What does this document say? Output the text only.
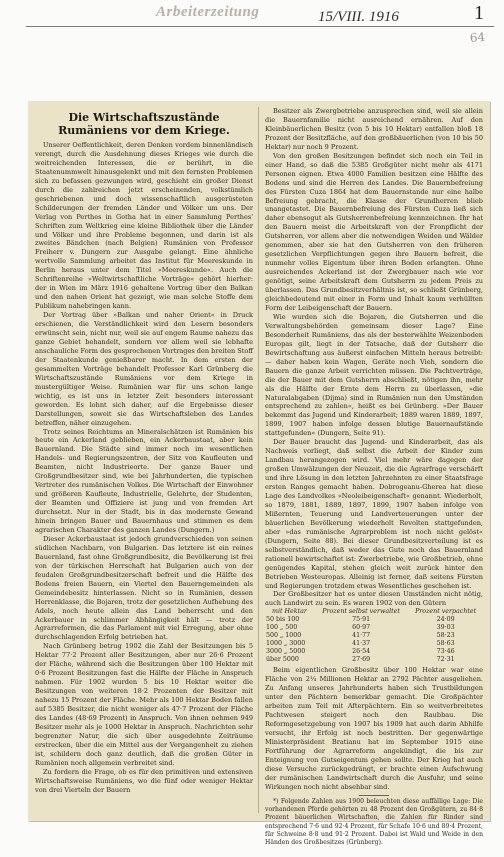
Arbeiterzeitung	15/VIII. 1916	1
64
Die Wirtschaftszustände Rumäniens vor dem Kriege.

Unserer Oeffentlichkeit, deren Denken vordem binnenländisch verengt, durch die Ausdehnung dieses Krieges wie durch die weitreichenden Interessen, die er berührt, in die Staatenummwelt hinausgelenkt und mit den fernsten Problemen sich zu befassen gezwungen wird, geschieht ein großer Dienst durch die zahlreichen jetzt erscheinenden, volkstümlich geschriebenen und doch wissenschaftlich ausgerüsteten Schilderungen der fremden Länder und Völker um uns. Der Verlag von Perthes in Gotha hat in einer Sammlung Perthes' Schriften zum Weltkrieg eine kleine Bibliothek über die Länder und Völker und ihre Probleme begonnen, und darin ist als zweites Bändchen (nach Belgien) Rumänien von Professor Freiherr v. Dungern zur Ausgabe gelangt. Eine ähnliche wertvolle Sammlung arbeitet das Institut für Meereskunde in Berlin heraus unter dem Titel »Meereskunde«. Auch die Schriftenreihe »Weltwirtschaftliche Vorträge« gehört hierher: der in Wien im März 1916 gehaltene Vortrag über den Balkan und den nahen Orient hat gezeigt, wie man solche Stoffe dem Publikum nahebringen kann.

Der Vortrag über »Balkan und naher Orient« in Druck erschienen, die Verständlichkeit wird den Lesern besonders erwünscht sein, nicht nur, weil sie auf engem Raume nahezu das ganze Gebiet behandelt, sondern vor allem weil sie lebhafte anschauliche Form des gesprochenen Vortrages den breiten Stoff der Staatenkunde genießbarer macht. In dem ersten der gesammelten Vorträge behandelt Professor Karl Grünberg die Wirtschaftszustände Rumäniens vor dem Kriege in mustergültiger Weise. Rumänien war für uns schon lange wichtig, es ist uns in letzter Zeit besonders interessant geworden. Es lohnt sich daher, auf die Ergebnisse dieser Darstellungen, soweit sie das Wirtschaftsleben des Landes betreffen, näher einzugehen.

Trotz seines Reichtums an Mineralschätzen ist Rumänien bis heute ein Ackerland geblieben, ein Ackerbaustaat, aber kein Bauernland. Die Städte sind immer noch im wesentlichen Handels- und Regierungszentren, der Sitz von Kaufleuten und Beamten, nicht Industrieorte. Der ganze Bauer und Großgrundbesitzer sind, wie bei Jahrhunderten, die typischen Vertreter des rumänischen Volkes. Die Wirtschaft der Einwohner und größeren Kaufleute, Industrielle, Gelehrte, der Studenten, der Beamten und Offiziere ist jung und von fremden Art durchsetzt. Nur in der Stadt, bis in das modernste Gewand hinein bringen Bauer und Bauernhaus und stimmen es dem agrarischen Charakter des ganzen Landes (Dungern.)

Dieser Ackerbaustaat ist jedoch grundverschieden von seinen südlichen Nachbarn, von Bulgarien. Das letztere ist ein reines Bauernland, fast ohne Großgrundbesitz, die Bevölkerung ist frei von der türkischen Herrschaft hat Bulgarien auch von der feudalen Großgrundbesitzerschaft befreit und die Hälfte des Bodens freien Bauern, ein Viertel den Bauerngemeinden als Gemeindebesitz hinterlassen. Nicht so in Rumänien, dessen Herrenklasse, die Bojaren, trotz der gesetzlichen Aufhebung des Adels, noch heute allein das Land beherrscht und den Ackerbauer in schlimmer Abhängigkeit hält — trotz der Agrarreformen, die das Parlament mit viel Erregung, aber ohne durchschlagenden Erfolg betrieben hat.

Nach Grünberg betrug 1902 die Zahl der Besitzungen bis 5 Hektar 77·2 Prozent aller Besitzungen, aber nur 26·6 Prozent der Fläche, während sich die Besitzungen über 100 Hektar mit 0·6 Prozent Besitzungen fast die Hälfte der Fläche in Anspruch nahmen. Für 1902 wurden 5 bis 10 Hektar weiter die Besitzungen von weiteren 18·2 Prozenten der Besitzer mit nahezu 15 Prozent der Fläche. Mehr als 100 Hektar Boden fallen auf 5385 Besitzer, die nicht weniger als 47·7 Prozent der Fläche des Landes (48·69 Prozent) in Anspruch. Von ihnen nehmen 949 Besitzer mehr als je 1000 Hektar in Anspruch. Nachrichten sehr begrenzter Natur, die sich über ausgedehnte Zeiträume erstrecken, über die ein Mittel aus der Vergangenheit zu ziehen ist, schildern doch ganz deutlich, daß die großen Güter in Rumänien noch allgemein verbreitet sind.

Zu fordern die Frage, ob es für den primitiven und extensiven Wirtschaftsweise Rumäniens, wo die fünf oder weniger Hektar von drei Vierteln der Bauern

Besitzer als Zwergbetriebe anzusprechen sind, weil sie allein die Bauernfamilie nicht ausreichend ernähren. Auf den Kleinbäuerlichen Besitz (von 5 bis 10 Hektar) entfallen bloß 18 Prozent der Besitzfläche, auf den großbäuerlichen (von 10 bis 50 Hektar) nur noch 9 Prozent.

Von den großen Besitzungen befindet sich noch ein Teil in einer Hand, so daß die 5385 Großgüter nicht mehr als 4171 Personen eignen. Etwa 4000 Familien besitzen eine Hälfte des Bodens und sind die Herren des Landes. Die Bauernbefreiung des Fürsten Cuza 1864 hat dem Bauernstande nur eine halbe Befreiung gebracht, die Klasse der Grundherren blieb unangetastet. Die Bauernbefreiung des Fürsten Cuza ließ sich daher ebensogut als Gutsherrenbefreiung kennzeichnen. Ihr hat den Bauern meist die Arbeitskraft von der Fronpflicht der Gutsherren, vor allem aber die notwendigen Weiden und Wälder genommen, aber sie hat den Gutsherren von den früheren gesetzlichen Verpflichtungen gegen ihre Bauern befreit, die nunmehr volles Eigentum über ihren Boden erlangten. Ohne ausreichendes Ackerland ist der Zwergbauer nach wie vor genötigt, seine Arbeitskraft dem Gutsherrn zu jedem Preis zu überlassen. Das Grundbesitzverhältnis ist, so schließt Grünberg, gleichbedeutend mit einer in Form und Inhalt kaum verhüllten Form der Leibeigenschaft der Bauern.

Wie wurden sich die Bojaren, die Gutsherren und die Verwaltungsbehörden gemeinsam dieser Lage? Eine Besonderheit Rumäniens, das als der besterwählte Weizenboden Europas gilt, liegt in der Tatsache, daß der Gutsherr die Bewirtschaftung aus äußerst einfachen Mitteln heraus betreibt: — daher haben kein Wagen, Geräte noch Vieh, sondern die Bauern die ganze Arbeit verrichten müssen. Die Pachtverträge, die der Bauer mit dem Gutsherrn abschließt, nötigen ihn, mehr als die Hälfte der Ernte dem Herrn zu überlassen, »die Naturalabgaben (Dijma) sind in Rumänien nun den Umständen entsprechend zu zahlen«, heißt es bei Grünberg. »Der Bauer bekommt das Jugend und Kinderarbeit; 1889 waren 1889, 1897, 1899, 1907 haben infolge dessen blutige Bauernaufstände stattgefunden« (Dungern, Seite 91).

Der Bauer braucht das Jugend- und Kinderarbeit, das als Nachweis vorliegt, daß selbst die Arbeit der Kinder zum Landbau herangezogen wird. Viel mehr wäre dagegen der großen Umwälzungen der Neuzeit, die die Agrarfrage verschärft und ihre Lösung in den letzten Jahrzehnten zu einer Staatsfrage ersten Ranges gemacht haben. Dobrogeanu-Gherea hat diese Lage des Landvolkes »Neoleibeigenschaft« genannt. Wiederholt, so 1879, 1881, 1889, 1897, 1899, 1907 haben infolge von Mißernten, Teuerung und Landverteuerungen unter der bäuerlichen Bevölkerung wiederholt Revolten stattgefunden, aber »das rumänische Agrarproblem ist noch nicht gelöst« (Dungern, Seite 88). Bei dieser Grundbesitzverteilung ist es selbstverständlich, daß weder das Gute noch das Bauernland rationell bewirtschaftet ist: Zwerbetriebe, wie Großbetrieb, ohne genügendes Kapital, stehen gleich weit zurück hinter den Betrieben Westeuropas. Alleinig ist ferner, daß seitens Fürsten und Regierungen trotzdem etwas Wesentliches geschehen ist.

Der Großbesitzer hat es unter diesen Umständen nicht nötig, auch Landwirt zu sein. Es waren 1902 von den Gütern

mit Hektar	Prozent selbst verwaltet	Prozent verpachtet
50 bis 100	75·91	24·09
100 „ 500	60·97	39·03
500 „ 1000	41·77	58·23
1000 „ 3000	41·37	58·63
3000 „ 5000	26·54	73·46
über 5000	27·69	72·31

Beim eigentlichen Großbesitz über 100 Hektar war eine Fläche von 2¼ Millionen Hektar an 2792 Pächter ausgeliehen. Zu Anfang unseres Jahrhunderts haben sich Trustbildungen unter den Pächtern bemerkbar gemacht. Die Großpächter arbeiten zum Teil mit Afterpächtern. Ein so weitverbreitetes Pachtwesen steigert noch den Raubbau. Die Reformgesetzgebung von 1907 bis 1909 hat auch darin Abhilfe versucht, ihr Erfolg ist noch bestritten. Der gegenwärtige Ministerpräsident Bratianu hat im September 1915 eine Fortführung der Agrarreform angekündigt, die bis zur Enteignung von Gutseigentum gehen sollte. Der Krieg hat auch diese Versuche zurückgedrängt, er brachte einen Aufschwung der rumänischen Landwirtschaft durch die Ausfuhr, und seine Wirkungen noch nicht absehbar sind.

*) Folgende Zahlen aus 1900 beleuchten diese auffällige Lage: Die vorhandenen Pferde gehörten zu 48 Prozent den Großgütern, zu 84·8 Prozent bäuerlichen Wirtschaften, die Zahlen für Rinder sind entsprechend 7·6 und 92·4 Prozent, für Schafe 10·6 und 89·4 Prozent, für Schweine 8·8 und 91·2 Prozent. Dabei ist Wald und Weide in den Händen des Großbesitzes (Grünberg).
